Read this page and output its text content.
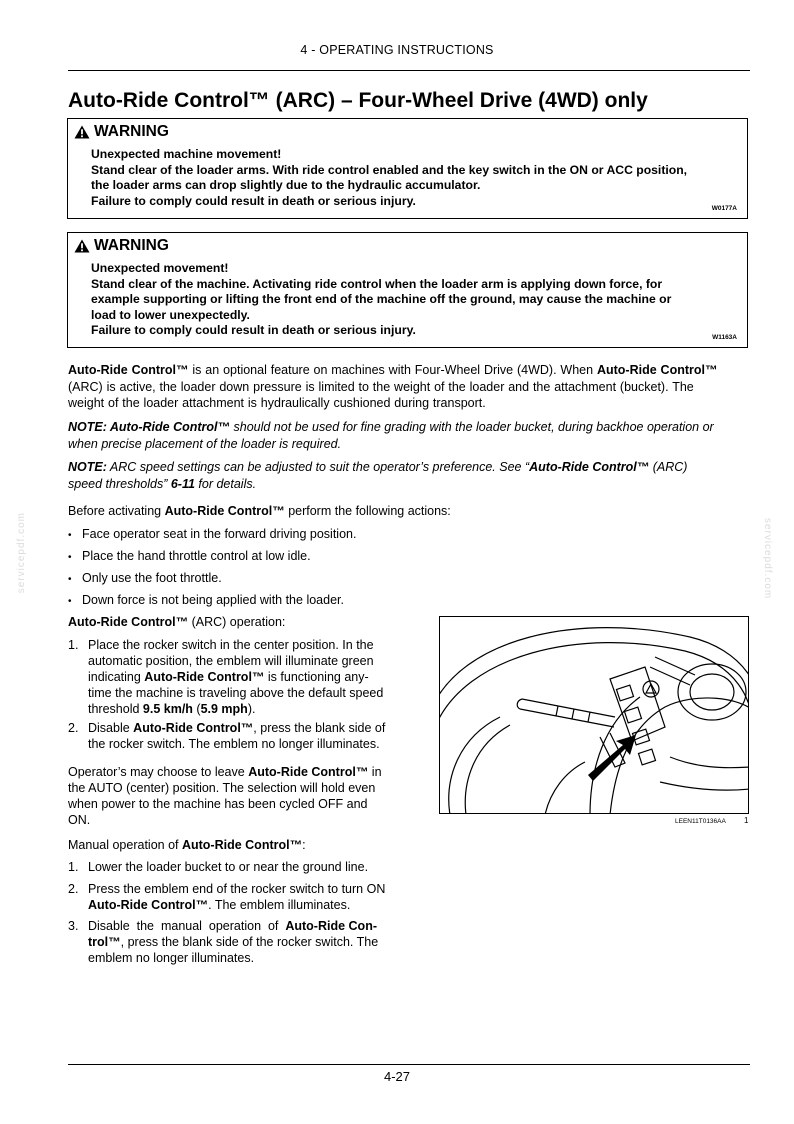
4 - OPERATING INSTRUCTIONS
Auto-Ride Control™ (ARC) – Four-Wheel Drive (4WD) only
WARNING
Unexpected machine movement!
Stand clear of the loader arms. With ride control enabled and the key switch in the ON or ACC position,
the loader arms can drop slightly due to the hydraulic accumulator.
Failure to comply could result in death or serious injury.
W0177A
WARNING
Unexpected movement!
Stand clear of the machine. Activating ride control when the loader arm is applying down force, for
example supporting or lifting the front end of the machine off the ground, may cause the machine or
load to lower unexpectedly.
Failure to comply could result in death or serious injury.
W1163A
Auto-Ride Control™ is an optional feature on machines with Four-Wheel Drive (4WD). When Auto-Ride Control™
(ARC) is active, the loader down pressure is limited to the weight of the loader and the attachment (bucket). The
weight of the loader attachment is hydraulically cushioned during transport.
NOTE: Auto-Ride Control™ should not be used for fine grading with the loader bucket, during backhoe operation or
when precise placement of the loader is required.
NOTE: ARC speed settings can be adjusted to suit the operator’s preference. See “Auto-Ride Control™ (ARC)
speed thresholds” 6-11 for details.
Before activating Auto-Ride Control™ perform the following actions:
• Face operator seat in the forward driving position.
• Place the hand throttle control at low idle.
• Only use the foot throttle.
• Down force is not being applied with the loader.
Auto-Ride Control™ (ARC) operation:
1. Place the rocker switch in the center position. In the
automatic position, the emblem will illuminate green
indicating Auto-Ride Control™ is functioning any-
time the machine is traveling above the default speed
threshold 9.5 km/h (5.9 mph).
2. Disable Auto-Ride Control™, press the blank side of
the rocker switch. The emblem no longer illuminates.
Operator’s may choose to leave Auto-Ride Control™ in
the AUTO (center) position. The selection will hold even
when power to the machine has been cycled OFF and
ON.
Manual operation of Auto-Ride Control™:
1. Lower the loader bucket to or near the ground line.
2. Press the emblem end of the rocker switch to turn ON
Auto-Ride Control™. The emblem illuminates.
3. Disable  the  manual  operation  of  Auto-Ride Con-
trol™, press the blank side of the rocker switch. The
emblem no longer illuminates.
LEEN11T0136AA 1
servicepdf.com	servicepdf.com
4-27
